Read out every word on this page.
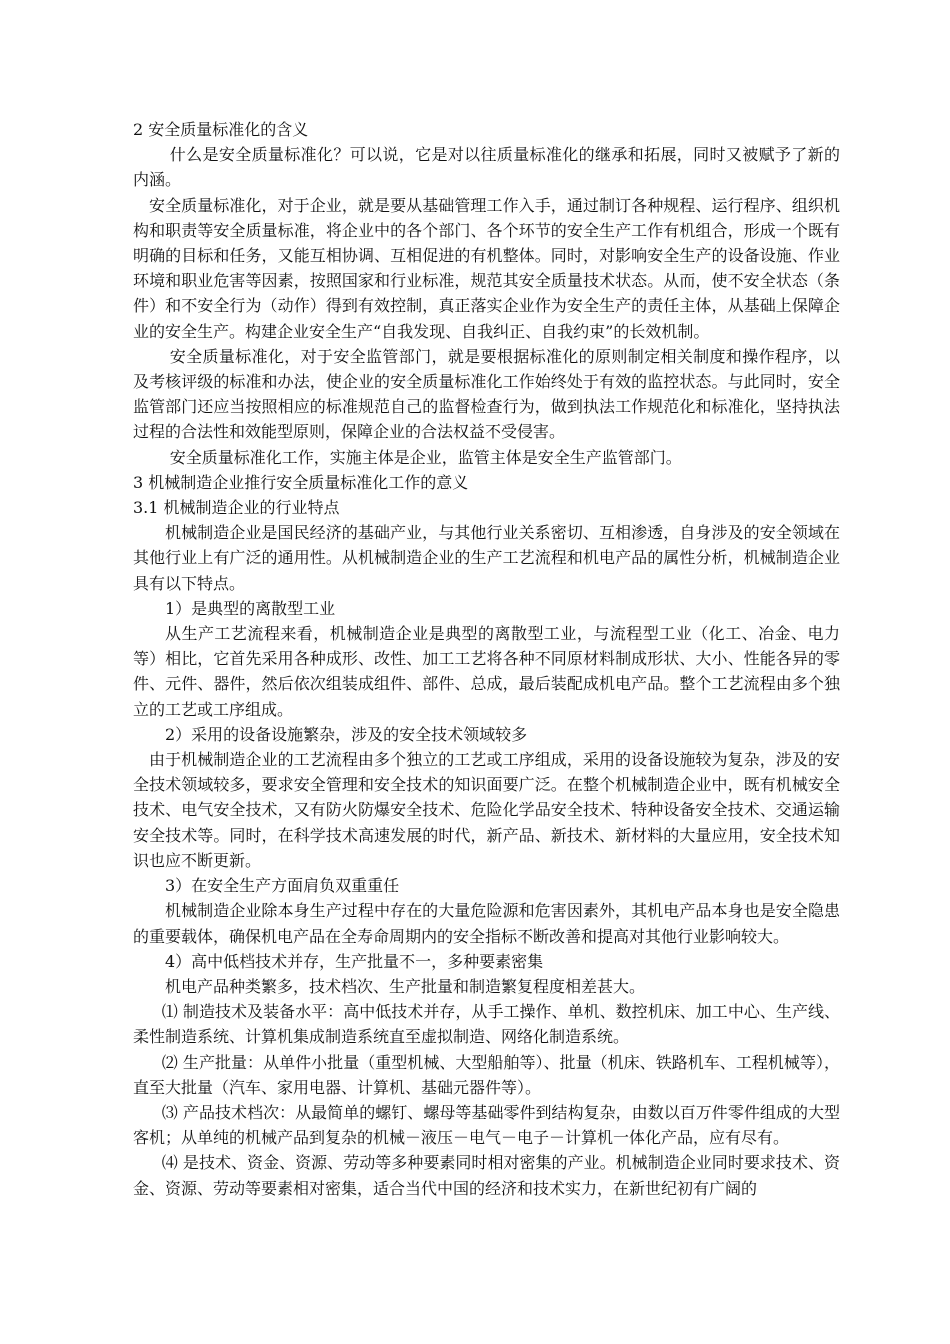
2 安全质量标准化的含义

什么是安全质量标准化？可以说，它是对以往质量标准化的继承和拓展，同时又被赋予了新的内涵。

安全质量标准化，对于企业，就是要从基础管理工作入手，通过制订各种规程、运行程序、组织机构和职责等安全质量标准，将企业中的各个部门、各个环节的安全生产工作有机组合，形成一个既有明确的目标和任务，又能互相协调、互相促进的有机整体。同时，对影响安全生产的设备设施、作业环境和职业危害等因素，按照国家和行业标准，规范其安全质量技术状态。从而，使不安全状态（条件）和不安全行为（动作）得到有效控制，真正落实企业作为安全生产的责任主体，从基础上保障企业的安全生产。构建企业安全生产“自我发现、自我纠正、自我约束”的长效机制。

安全质量标准化，对于安全监管部门，就是要根据标准化的原则制定相关制度和操作程序，以及考核评级的标准和办法，使企业的安全质量标准化工作始终处于有效的监控状态。与此同时，安全监管部门还应当按照相应的标准规范自己的监督检查行为，做到执法工作规范化和标准化，坚持执法过程的合法性和效能型原则，保障企业的合法权益不受侵害。

安全质量标准化工作，实施主体是企业，监管主体是安全生产监管部门。

3 机械制造企业推行安全质量标准化工作的意义

3.1 机械制造企业的行业特点

机械制造企业是国民经济的基础产业，与其他行业关系密切、互相渗透，自身涉及的安全领域在其他行业上有广泛的通用性。从机械制造企业的生产工艺流程和机电产品的属性分析，机械制造企业具有以下特点。

1）是典型的离散型工业

从生产工艺流程来看，机械制造企业是典型的离散型工业，与流程型工业（化工、冶金、电力等）相比，它首先采用各种成形、改性、加工工艺将各种不同原材料制成形状、大小、性能各异的零件、元件、器件，然后依次组装成组件、部件、总成，最后装配成机电产品。整个工艺流程由多个独立的工艺或工序组成。

2）采用的设备设施繁杂，涉及的安全技术领域较多

由于机械制造企业的工艺流程由多个独立的工艺或工序组成，采用的设备设施较为复杂，涉及的安全技术领域较多，要求安全管理和安全技术的知识面要广泛。在整个机械制造企业中，既有机械安全技术、电气安全技术，又有防火防爆安全技术、危险化学品安全技术、特种设备安全技术、交通运输安全技术等。同时，在科学技术高速发展的时代，新产品、新技术、新材料的大量应用，安全技术知识也应不断更新。

3）在安全生产方面肩负双重重任

机械制造企业除本身生产过程中存在的大量危险源和危害因素外，其机电产品本身也是安全隐患的重要载体，确保机电产品在全寿命周期内的安全指标不断改善和提高对其他行业影响较大。

4）高中低档技术并存，生产批量不一，多种要素密集

机电产品种类繁多，技术档次、生产批量和制造繁复程度相差甚大。

⑴ 制造技术及装备水平：高中低技术并存，从手工操作、单机、数控机床、加工中心、生产线、柔性制造系统、计算机集成制造系统直至虚拟制造、网络化制造系统。

⑵ 生产批量：从单件小批量（重型机械、大型船舶等）、批量（机床、铁路机车、工程机械等），直至大批量（汽车、家用电器、计算机、基础元器件等）。

⑶ 产品技术档次：从最简单的螺钉、螺母等基础零件到结构复杂，由数以百万件零件组成的大型客机；从单纯的机械产品到复杂的机械－液压－电气－电子－计算机一体化产品，应有尽有。

⑷ 是技术、资金、资源、劳动等多种要素同时相对密集的产业。机械制造企业同时要求技术、资金、资源、劳动等要素相对密集，适合当代中国的经济和技术实力，在新世纪初有广阔的
